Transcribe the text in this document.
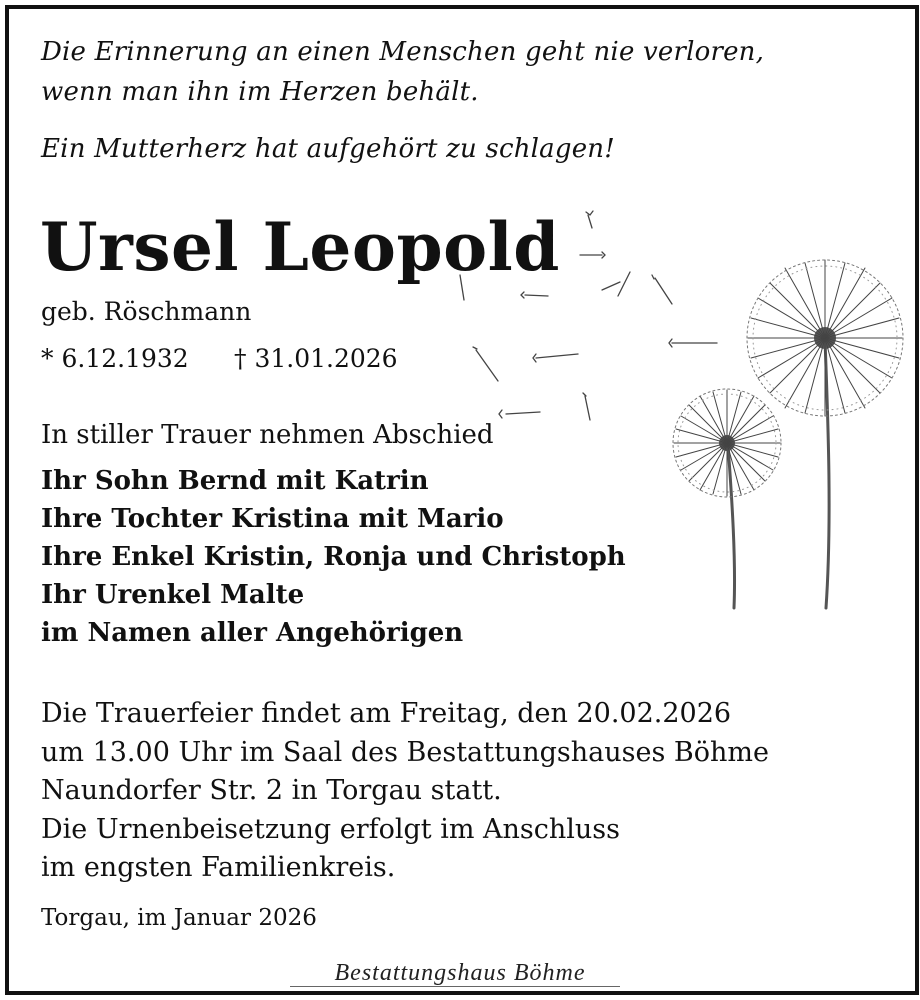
Die Erinnerung an einen Menschen geht nie verloren,
wenn man ihn im Herzen behält.
Ein Mutterherz hat aufgehört zu schlagen!
Ursel Leopold
geb. Röschmann
* 6.12.1932 † 31.01.2026
In stiller Trauer nehmen Abschied
Ihr Sohn Bernd mit Katrin
Ihre Tochter Kristina mit Mario
Ihre Enkel Kristin, Ronja und Christoph
Ihr Urenkel Malte
im Namen aller Angehörigen
Die Trauerfeier findet am Freitag, den 20.02.2026
um 13.00 Uhr im Saal des Bestattungshauses Böhme
Naundorfer Str. 2 in Torgau statt.
Die Urnenbeisetzung erfolgt im Anschluss
im engsten Familienkreis.
Torgau, im Januar 2026
Bestattungshaus Böhme
